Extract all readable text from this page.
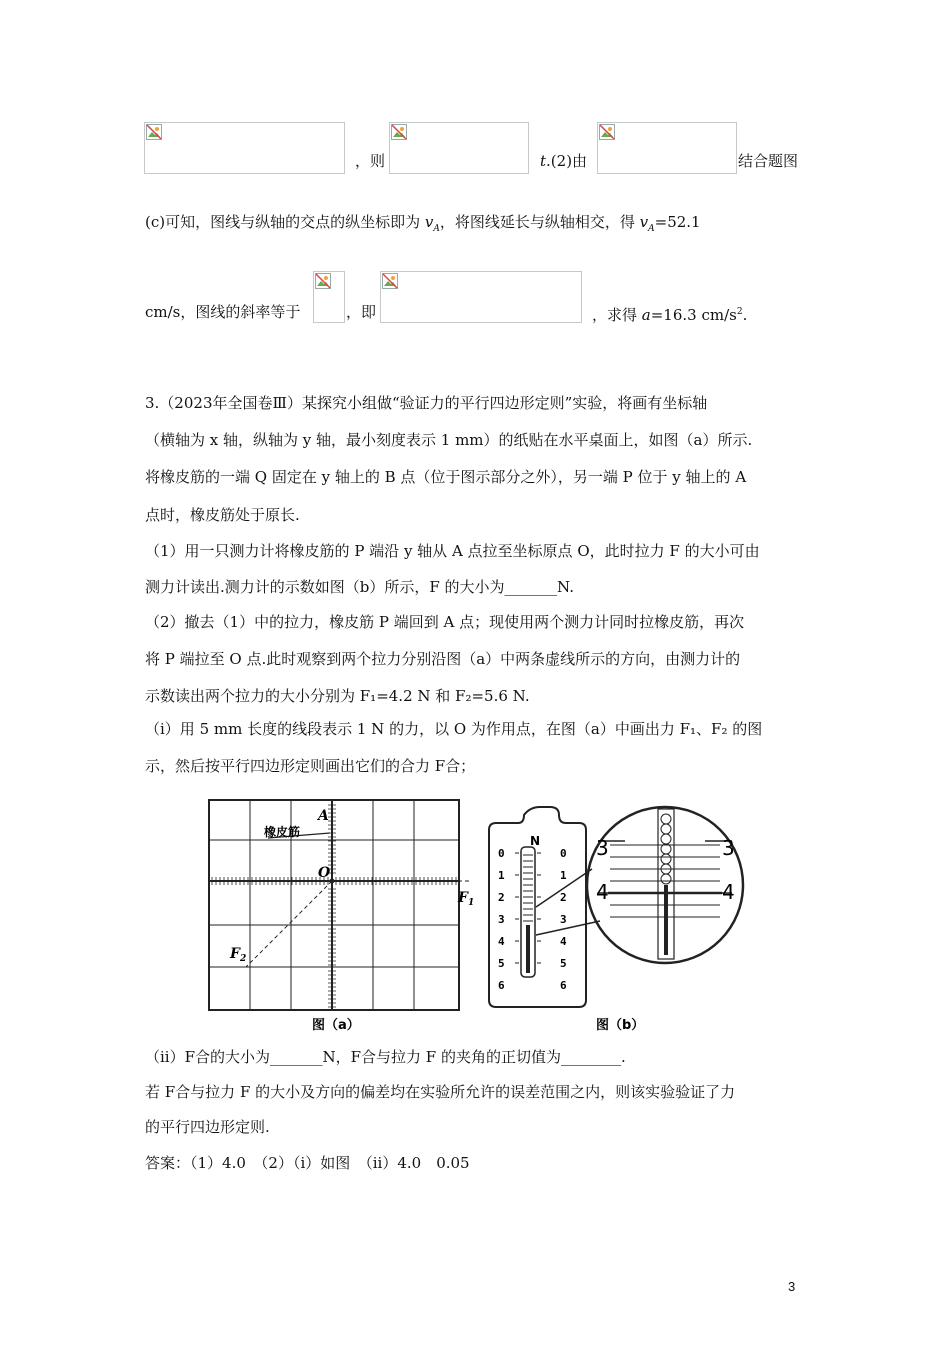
，则	t.(2)由	结合题图
(c)可知，图线与纵轴的交点的纵坐标即为 $v_A$，将图线延长与纵轴相交，得 $v_A=52.1$
cm/s，图线的斜率等于	，即	，求得 a=16.3 $cm/s^2$.
3.（2023年全国卷Ⅲ）某探究小组做“验证力的平行四边形定则”实验，将画有坐标轴
（横轴为 x 轴，纵轴为 y 轴，最小刻度表示 1 mm）的纸贴在水平桌面上，如图（a）所示.
将橡皮筋的一端 Q 固定在 y 轴上的 B 点（位于图示部分之外），另一端 P 位于 y 轴上的 A
点时，橡皮筋处于原长.
（1）用一只测力计将橡皮筋的 P 端沿 y 轴从 A 点拉至坐标原点 O，此时拉力 F 的大小可由
测力计读出.测力计的示数如图（b）所示，F 的大小为_______N.
（2）撤去（1）中的拉力，橡皮筋 P 端回到 A 点；现使用两个测力计同时拉橡皮筋，再次
将 P 端拉至 O 点.此时观察到两个拉力分别沿图（a）中两条虚线所示的方向，由测力计的
示数读出两个拉力的大小分别为 F₁=4.2 N 和 F₂=5.6 N.
（i）用 5 mm 长度的线段表示 1 N 的力，以 O 为作用点，在图（a）中画出力 F₁、F₂ 的图
示，然后按平行四边形定则画出它们的合力 F合；
A
橡皮筋
O
$F_1$
$F_2$
图（a）
N
0
1
2
3
4
5
6
0
1
2
3
4
5
6
3	3
4	4
图（b）
（ii）F合的大小为_______N，F合与拉力 F 的夹角的正切值为________.
若 F合与拉力 F 的大小及方向的偏差均在实验所允许的误差范围之内，则该实验验证了力
的平行四边形定则.
答案：（1）4.0　（2）（i）如图　（ii）4.0　0.05
3
